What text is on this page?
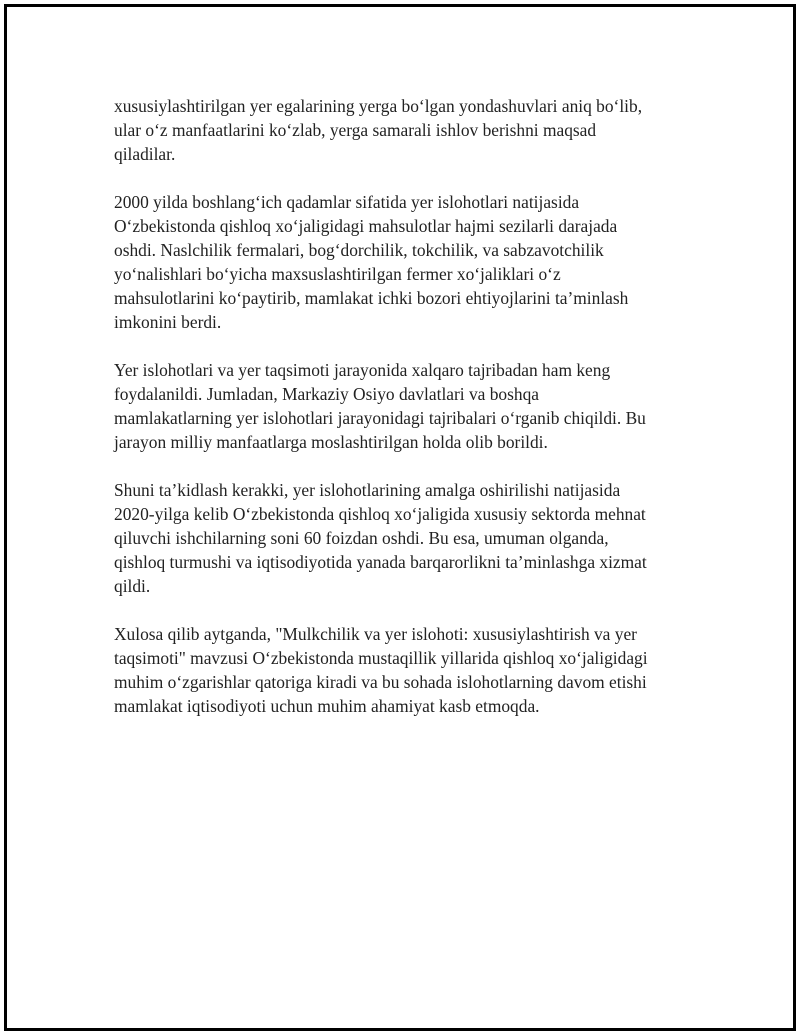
xususiylashtirilgan yer egalarining yerga bo‘lgan yondashuvlari aniq bo‘lib,
ular o‘z manfaatlarini ko‘zlab, yerga samarali ishlov berishni maqsad
qiladilar.

2000 yilda boshlang‘ich qadamlar sifatida yer islohotlari natijasida
O‘zbekistonda qishloq xo‘jaligidagi mahsulotlar hajmi sezilarli darajada
oshdi. Naslchilik fermalari, bog‘dorchilik, tokchilik, va sabzavotchilik
yo‘nalishlari bo‘yicha maxsuslashtirilgan fermer xo‘jaliklari o‘z
mahsulotlarini ko‘paytirib, mamlakat ichki bozori ehtiyojlarini ta’minlash
imkonini berdi.

Yer islohotlari va yer taqsimoti jarayonida xalqaro tajribadan ham keng
foydalanildi. Jumladan, Markaziy Osiyo davlatlari va boshqa
mamlakatlarning yer islohotlari jarayonidagi tajribalari o‘rganib chiqildi. Bu
jarayon milliy manfaatlarga moslashtirilgan holda olib borildi.

Shuni ta’kidlash kerakki, yer islohotlarining amalga oshirilishi natijasida
2020-yilga kelib O‘zbekistonda qishloq xo‘jaligida xususiy sektorda mehnat
qiluvchi ishchilarning soni 60 foizdan oshdi. Bu esa, umuman olganda,
qishloq turmushi va iqtisodiyotida yanada barqarorlikni ta’minlashga xizmat
qildi.

Xulosa qilib aytganda, "Mulkchilik va yer islohoti: xususiylashtirish va yer
taqsimoti" mavzusi O‘zbekistonda mustaqillik yillarida qishloq xo‘jaligidagi
muhim o‘zgarishlar qatoriga kiradi va bu sohada islohotlarning davom etishi
mamlakat iqtisodiyoti uchun muhim ahamiyat kasb etmoqda.
